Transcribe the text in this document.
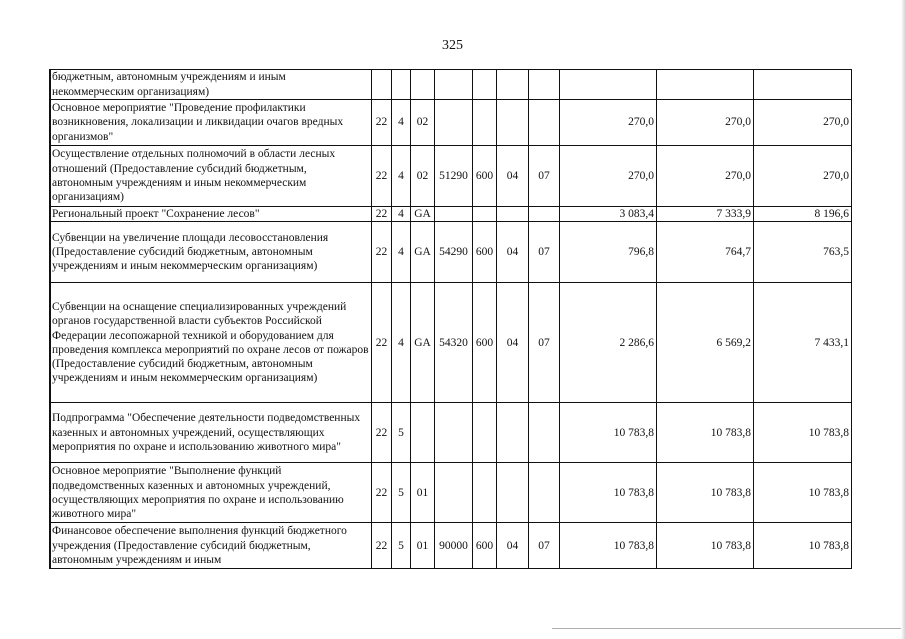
325
бюджетным, автономным учреждениям и иным некоммерческим организациям)										
Основное мероприятие "Проведение профилактики возникновения, локализации и ликвидации очагов вредных организмов"	22	4	02					270,0	270,0	270,0
Осуществление отдельных полномочий в области лесных отношений (Предоставление субсидий бюджетным, автономным учреждениям и иным некоммерческим организациям)	22	4	02	51290	600	04	07	270,0	270,0	270,0
Региональный проект "Сохранение лесов"	22	4	GA					3 083,4	7 333,9	8 196,6
Субвенции на увеличение площади лесовосстановления (Предоставление субсидий бюджетным, автономным учреждениям и иным некоммерческим организациям)	22	4	GA	54290	600	04	07	796,8	764,7	763,5
Субвенции на оснащение специализированных учреждений органов государственной власти субъектов Российской Федерации лесопожарной техникой и оборудованием для проведения комплекса мероприятий по охране лесов от пожаров (Предоставление субсидий бюджетным, автономным учреждениям и иным некоммерческим организациям)	22	4	GA	54320	600	04	07	2 286,6	6 569,2	7 433,1
Подпрограмма "Обеспечение деятельности подведомственных казенных и автономных учреждений, осуществляющих мероприятия по охране и использованию животного мира"	22	5						10 783,8	10 783,8	10 783,8
Основное мероприятие "Выполнение функций подведомственных казенных и автономных учреждений, осуществляющих мероприятия по охране и использованию животного мира"	22	5	01					10 783,8	10 783,8	10 783,8
Финансовое обеспечение выполнения функций бюджетного учреждения (Предоставление субсидий бюджетным, автономным учреждениям и иным	22	5	01	90000	600	04	07	10 783,8	10 783,8	10 783,8
